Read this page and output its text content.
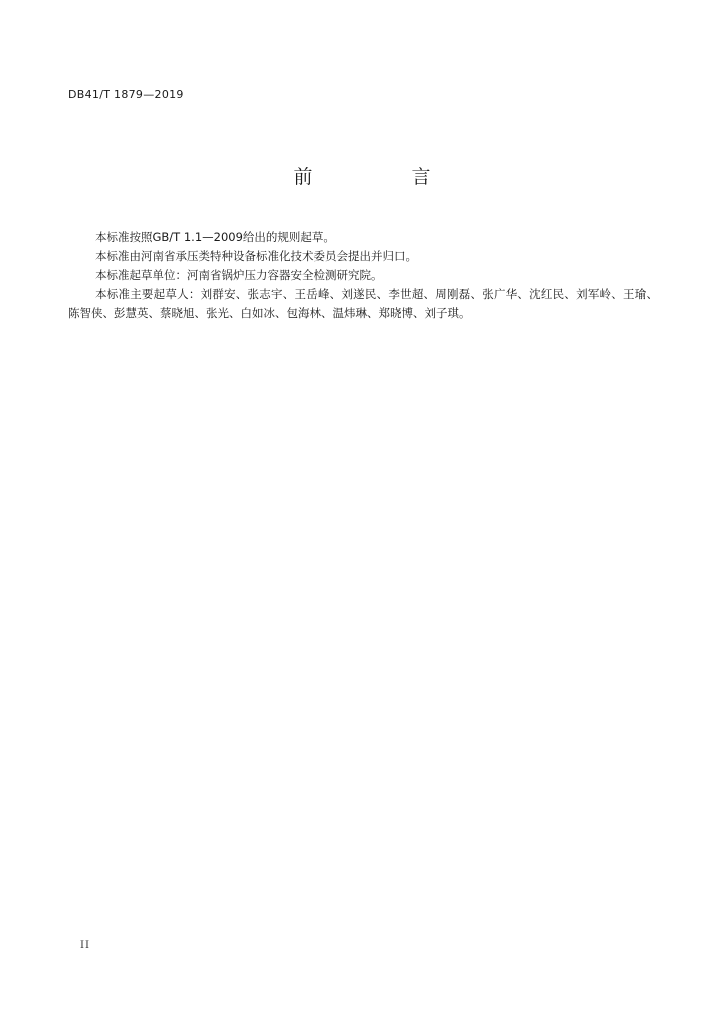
DB41/T 1879—2019
前　言

本标准按照GB/T 1.1—2009给出的规则起草。

本标准由河南省承压类特种设备标准化技术委员会提出并归口。

本标准起草单位：河南省锅炉压力容器安全检测研究院。

本标准主要起草人：刘群安、张志宇、王岳峰、刘遂民、李世超、周刚磊、张广华、沈红民、刘军岭、王瑜、陈智侠、彭慧英、蔡晓旭、张光、白如冰、包海林、温炜琳、郑晓博、刘子琪。

II
